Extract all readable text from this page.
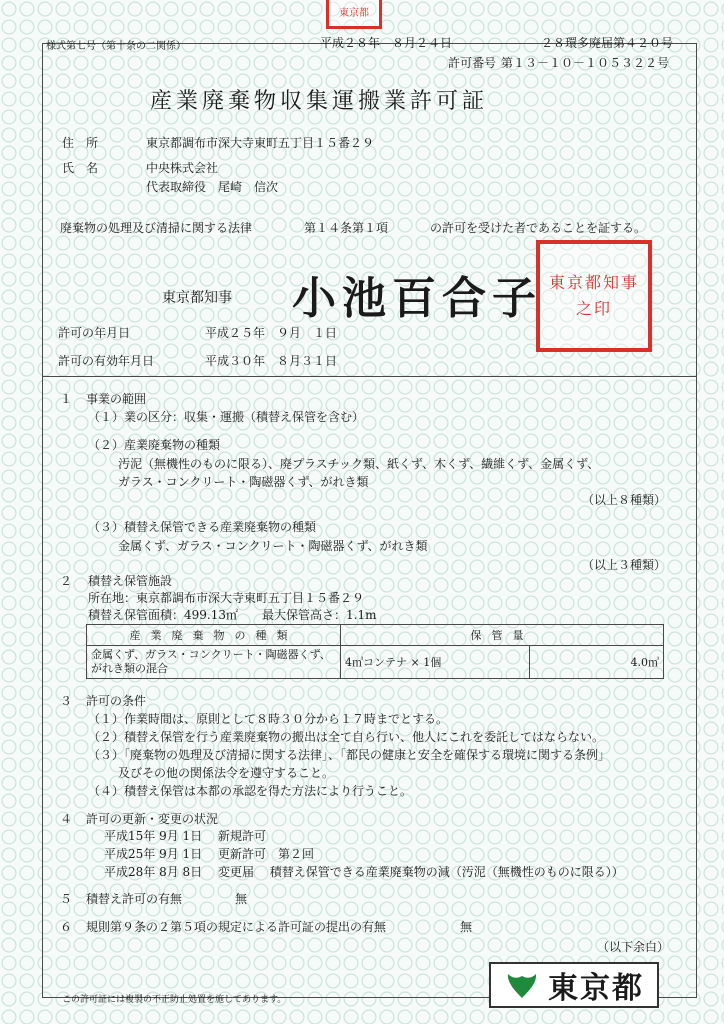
東京都
様式第七号（第十条の二関係）	平成２８年　８月２４日	２８環多廃届第４２０号
許可番号 第１３－１０－１０５３２２号
産業廃棄物収集運搬業許可証
住　所	東京都調布市深大寺東町五丁目１５番２９
氏　名	中央株式会社
代表取締役　尾崎　信次
廃棄物の処理及び清掃に関する法律	第１４条第１項	の許可を受けた者であることを証する。
東京都知事 小池百合子 東京都知事之印
許可の年月日	平成２５年　９月　１日
許可の有効年月日	平成３０年　８月３１日
１ 事業の範囲
（１）業の区分：収集・運搬（積替え保管を含む）
（２）産業廃棄物の種類
汚泥（無機性のものに限る）、廃プラスチック類、紙くず、木くず、繊維くず、金属くず、
ガラス・コンクリート・陶磁器くず、がれき類
（以上８種類）
（３）積替え保管できる産業廃棄物の種類
金属くず、ガラス・コンクリート・陶磁器くず、がれき類
（以上３種類）
２ 積替え保管施設
所在地：東京都調布市深大寺東町五丁目１５番２９
積替え保管面積：499.13㎡　　最大保管高さ：1.1m
産業廃棄物の種類	保管量	
金属くず、ガラス・コンクリート・陶磁器くず、がれき類の混合	4㎥コンテナ × 1個	4.0㎥
３ 許可の条件
（１）作業時間は、原則として８時３０分から１７時までとする。
（２）積替え保管を行う産業廃棄物の搬出は全て自ら行い、他人にこれを委託してはならない。
（３）「廃棄物の処理及び清掃に関する法律」、「都民の健康と安全を確保する環境に関する条例」
及びその他の関係法令を遵守すること。
（４）積替え保管は本都の承認を得た方法により行うこと。
４ 許可の更新・変更の状況
平成15年 9月 1日　 新規許可
平成25年 9月 1日　 更新許可　第２回
平成28年 8月 8日　 変更届　 積替え保管できる産業廃棄物の減（汚泥（無機性のものに限る））
５ 積替え許可の有無	無
６ 規則第９条の２第５項の規定による許可証の提出の有無	無
（以下余白）
この許可証には複製の不正防止処置を施してあります。	東京都
